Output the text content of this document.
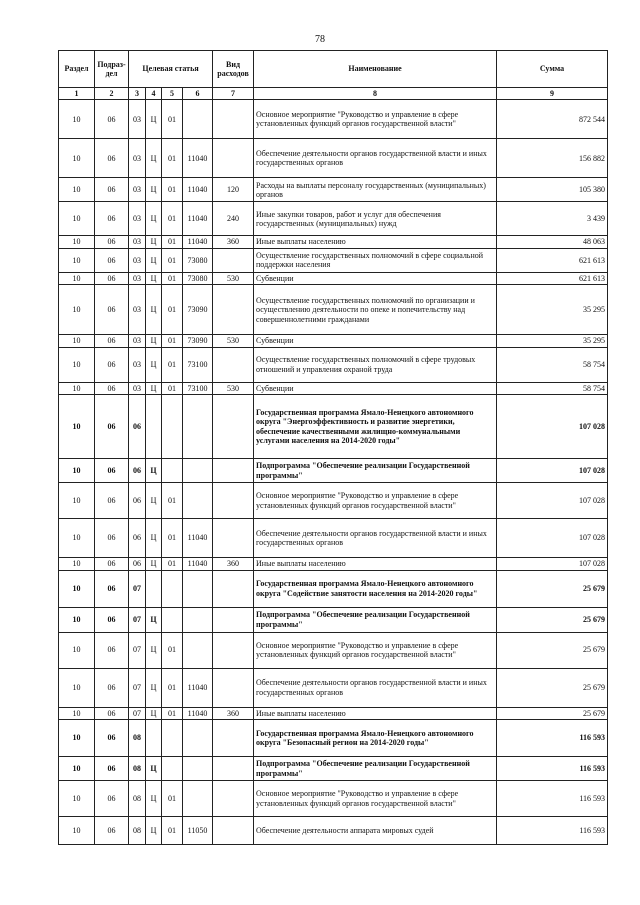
78
Раздел	Подраз-дел	Целевая статья				Вид расходов	Наименование	Сумма
1	2	3	4	5	6	7	8	9
10	06	03	Ц	01			Основное мероприятие "Руководство и управление в сфере установленных функций органов государственной власти"	872 544
10	06	03	Ц	01	11040		Обеспечение деятельности органов государственной власти и иных государственных органов	156 882
10	06	03	Ц	01	11040	120	Расходы на выплаты персоналу государственных (муниципальных) органов	105 380
10	06	03	Ц	01	11040	240	Иные закупки товаров, работ и услуг для обеспечения государственных (муниципальных) нужд	3 439
10	06	03	Ц	01	11040	360	Иные выплаты населению	48 063
10	06	03	Ц	01	73080		Осуществление государственных полномочий в сфере социальной поддержки населения	621 613
10	06	03	Ц	01	73080	530	Субвенции	621 613
10	06	03	Ц	01	73090		Осуществление государственных полномочий по организации и осуществлению деятельности по опеке и попечительству над совершеннолетними гражданами	35 295
10	06	03	Ц	01	73090	530	Субвенции	35 295
10	06	03	Ц	01	73100		Осуществление государственных полномочий в сфере трудовых отношений и управления охраной труда	58 754
10	06	03	Ц	01	73100	530	Субвенции	58 754
10	06	06					Государственная программа Ямало-Ненецкого автономного округа "Энергоэффективность и развитие энергетики, обеспечение качественными жилищно-коммунальными услугами населения на 2014-2020 годы"	107 028
10	06	06	Ц				Подпрограмма "Обеспечение реализации Государственной программы"	107 028
10	06	06	Ц	01			Основное мероприятие "Руководство и управление в сфере установленных функций органов государственной власти"	107 028
10	06	06	Ц	01	11040		Обеспечение деятельности органов государственной власти и иных государственных органов	107 028
10	06	06	Ц	01	11040	360	Иные выплаты населению	107 028
10	06	07					Государственная программа Ямало-Ненецкого автономного округа "Содействие занятости населения на 2014-2020 годы"	25 679
10	06	07	Ц				Подпрограмма "Обеспечение реализации Государственной программы"	25 679
10	06	07	Ц	01			Основное мероприятие "Руководство и управление в сфере установленных функций органов государственной власти"	25 679
10	06	07	Ц	01	11040		Обеспечение деятельности органов государственной власти и иных государственных органов	25 679
10	06	07	Ц	01	11040	360	Иные выплаты населению	25 679
10	06	08					Государственная программа Ямало-Ненецкого автономного округа "Безопасный регион на 2014-2020 годы"	116 593
10	06	08	Ц				Подпрограмма "Обеспечение реализации Государственной программы"	116 593
10	06	08	Ц	01			Основное мероприятие "Руководство и управление в сфере установленных функций органов государственной власти"	116 593
10	06	08	Ц	01	11050		Обеспечение деятельности аппарата мировых судей	116 593
